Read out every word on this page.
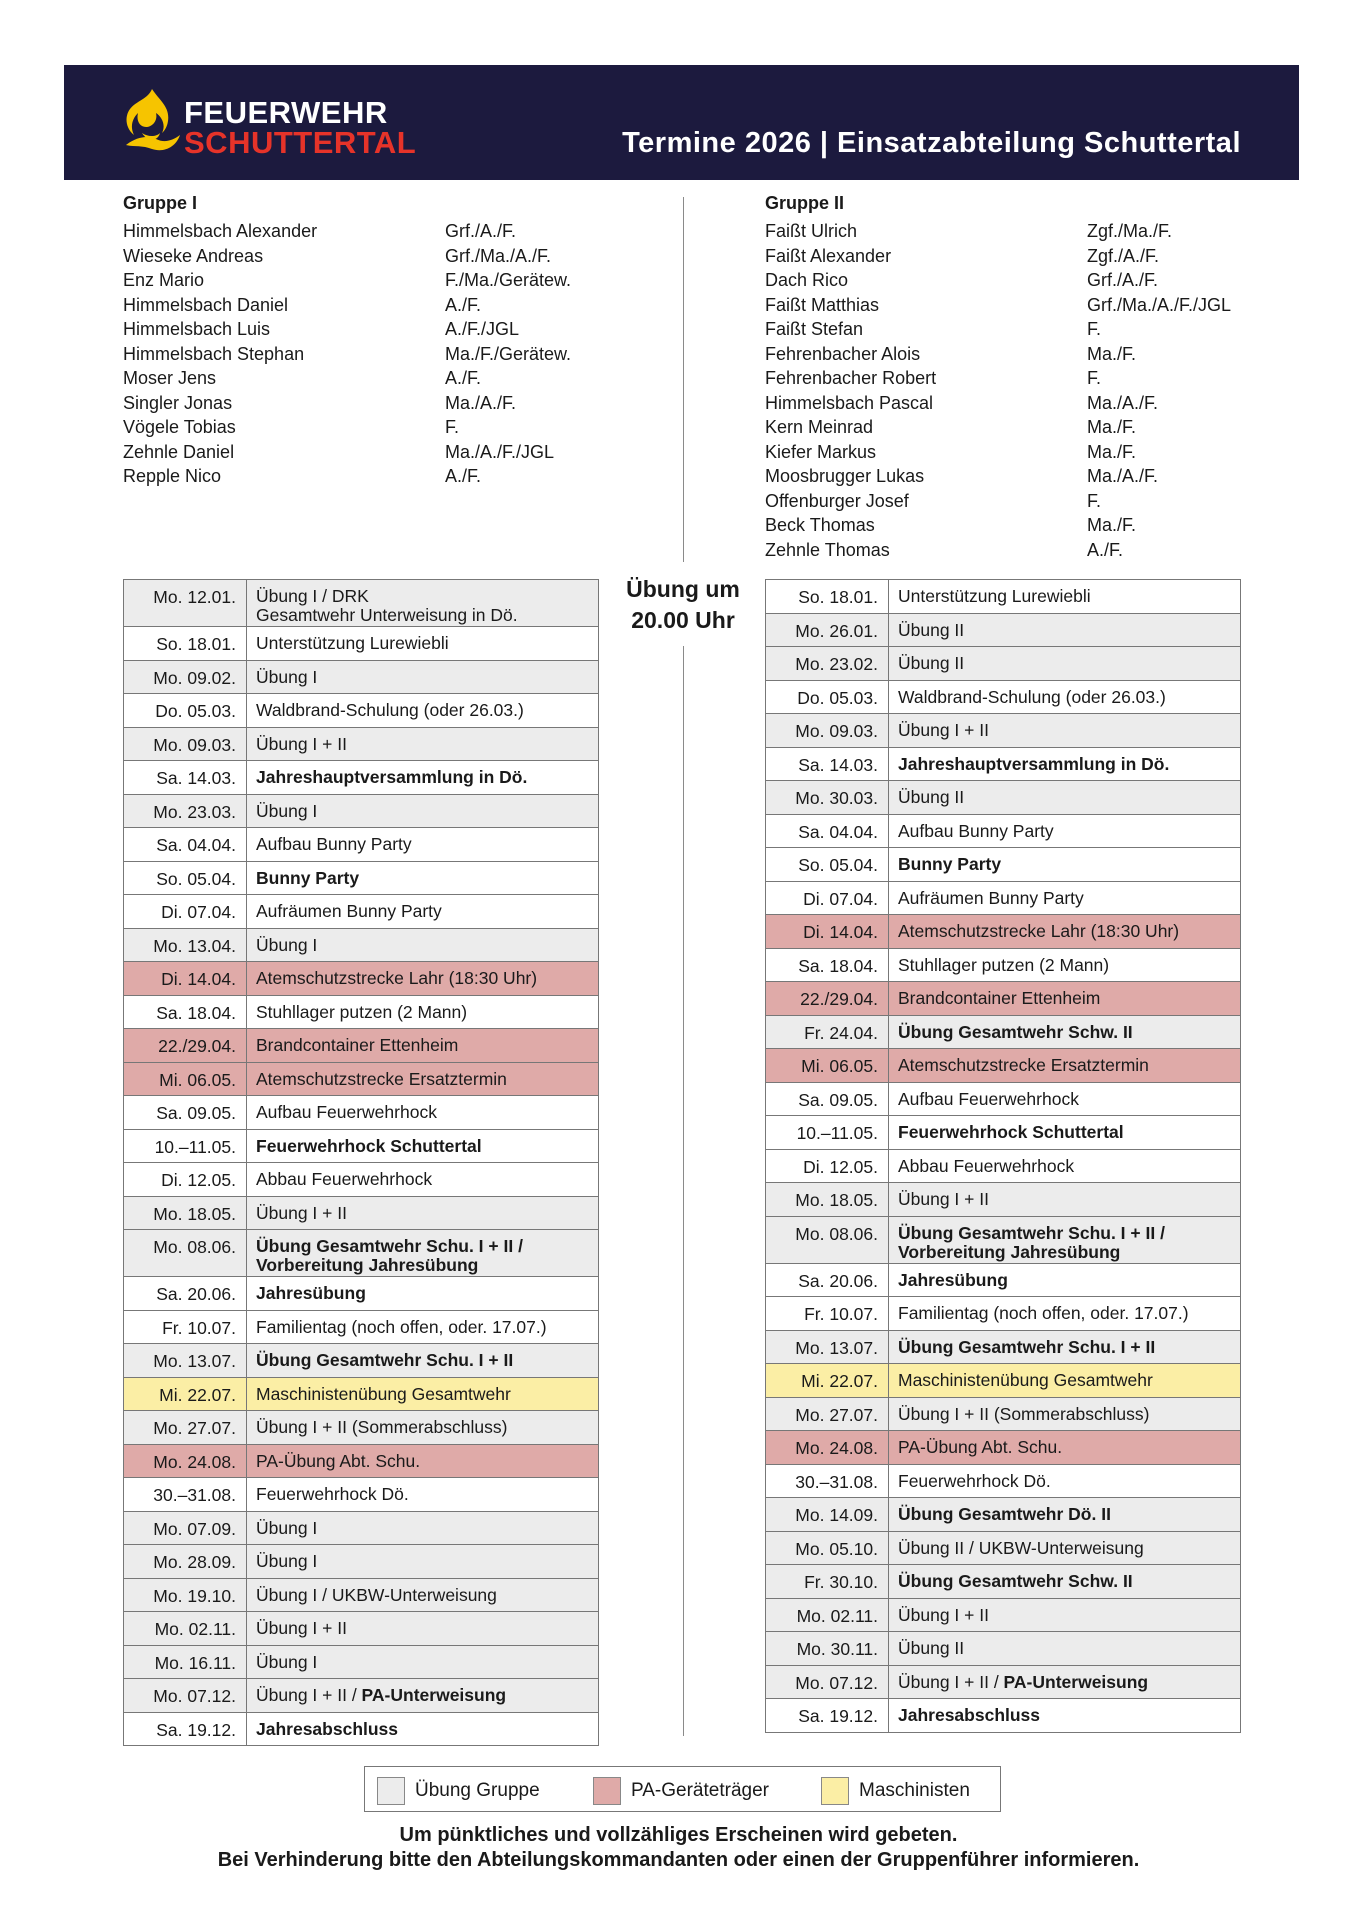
FEUERWEHR
SCHUTTERTAL	Termine 2026 | Einsatzabteilung Schuttertal
Gruppe I
Himmelsbach Alexander	Grf./A./F.
Wieseke Andreas	Grf./Ma./A./F.
Enz Mario	F./Ma./Gerätew.
Himmelsbach Daniel	A./F.
Himmelsbach Luis	A./F./JGL
Himmelsbach Stephan	Ma./F./Gerätew.
Moser Jens	A./F.
Singler Jonas	Ma./A./F.
Vögele Tobias	F.
Zehnle Daniel	Ma./A./F./JGL
Repple Nico	A./F.
Gruppe II
Faißt Ulrich	Zgf./Ma./F.
Faißt Alexander	Zgf./A./F.
Dach Rico	Grf./A./F.
Faißt Matthias	Grf./Ma./A./F./JGL
Faißt Stefan	F.
Fehrenbacher Alois	Ma./F.
Fehrenbacher Robert	F.
Himmelsbach Pascal	Ma./A./F.
Kern Meinrad	Ma./F.
Kiefer Markus	Ma./F.
Moosbrugger Lukas	Ma./A./F.
Offenburger Josef	F.
Beck Thomas	Ma./F.
Zehnle Thomas	A./F.
Übung um
20.00 Uhr
Mo. 12.01.	Übung I / DRK
Gesamtwehr Unterweisung in Dö.
So. 18.01.	Unterstützung Lurewiebli
Mo. 09.02.	Übung I
Do. 05.03.	Waldbrand-Schulung (oder 26.03.)
Mo. 09.03.	Übung I + II
Sa. 14.03.	Jahreshauptversammlung in Dö.
Mo. 23.03.	Übung I
Sa. 04.04.	Aufbau Bunny Party
So. 05.04.	Bunny Party
Di. 07.04.	Aufräumen Bunny Party
Mo. 13.04.	Übung I
Di. 14.04.	Atemschutzstrecke Lahr (18:30 Uhr)
Sa. 18.04.	Stuhllager putzen (2 Mann)
22./29.04.	Brandcontainer Ettenheim
Mi. 06.05.	Atemschutzstrecke Ersatztermin
Sa. 09.05.	Aufbau Feuerwehrhock
10.–11.05.	Feuerwehrhock Schuttertal
Di. 12.05.	Abbau Feuerwehrhock
Mo. 18.05.	Übung I + II
Mo. 08.06.	Übung Gesamtwehr Schu. I + II /
Vorbereitung Jahresübung
Sa. 20.06.	Jahresübung
Fr. 10.07.	Familientag (noch offen, oder. 17.07.)
Mo. 13.07.	Übung Gesamtwehr Schu. I + II
Mi. 22.07.	Maschinistenübung Gesamtwehr
Mo. 27.07.	Übung I + II (Sommerabschluss)
Mo. 24.08.	PA-Übung Abt. Schu.
30.–31.08.	Feuerwehrhock Dö.
Mo. 07.09.	Übung I
Mo. 28.09.	Übung I
Mo. 19.10.	Übung I / UKBW-Unterweisung
Mo. 02.11.	Übung I + II
Mo. 16.11.	Übung I
Mo. 07.12.	Übung I + II / PA-Unterweisung
Sa. 19.12.	Jahresabschluss
So. 18.01.	Unterstützung Lurewiebli
Mo. 26.01.	Übung II
Mo. 23.02.	Übung II
Do. 05.03.	Waldbrand-Schulung (oder 26.03.)
Mo. 09.03.	Übung I + II
Sa. 14.03.	Jahreshauptversammlung in Dö.
Mo. 30.03.	Übung II
Sa. 04.04.	Aufbau Bunny Party
So. 05.04.	Bunny Party
Di. 07.04.	Aufräumen Bunny Party
Di. 14.04.	Atemschutzstrecke Lahr (18:30 Uhr)
Sa. 18.04.	Stuhllager putzen (2 Mann)
22./29.04.	Brandcontainer Ettenheim
Fr. 24.04.	Übung Gesamtwehr Schw. II
Mi. 06.05.	Atemschutzstrecke Ersatztermin
Sa. 09.05.	Aufbau Feuerwehrhock
10.–11.05.	Feuerwehrhock Schuttertal
Di. 12.05.	Abbau Feuerwehrhock
Mo. 18.05.	Übung I + II
Mo. 08.06.	Übung Gesamtwehr Schu. I + II /
Vorbereitung Jahresübung
Sa. 20.06.	Jahresübung
Fr. 10.07.	Familientag (noch offen, oder. 17.07.)
Mo. 13.07.	Übung Gesamtwehr Schu. I + II
Mi. 22.07.	Maschinistenübung Gesamtwehr
Mo. 27.07.	Übung I + II (Sommerabschluss)
Mo. 24.08.	PA-Übung Abt. Schu.
30.–31.08.	Feuerwehrhock Dö.
Mo. 14.09.	Übung Gesamtwehr Dö. II
Mo. 05.10.	Übung II / UKBW-Unterweisung
Fr. 30.10.	Übung Gesamtwehr Schw. II
Mo. 02.11.	Übung I + II
Mo. 30.11.	Übung II
Mo. 07.12.	Übung I + II / PA-Unterweisung
Sa. 19.12.	Jahresabschluss
Übung Gruppe	PA-Geräteträger	Maschinisten
Um pünktliches und vollzähliges Erscheinen wird gebeten.
Bei Verhinderung bitte den Abteilungskommandanten oder einen der Gruppenführer informieren.
